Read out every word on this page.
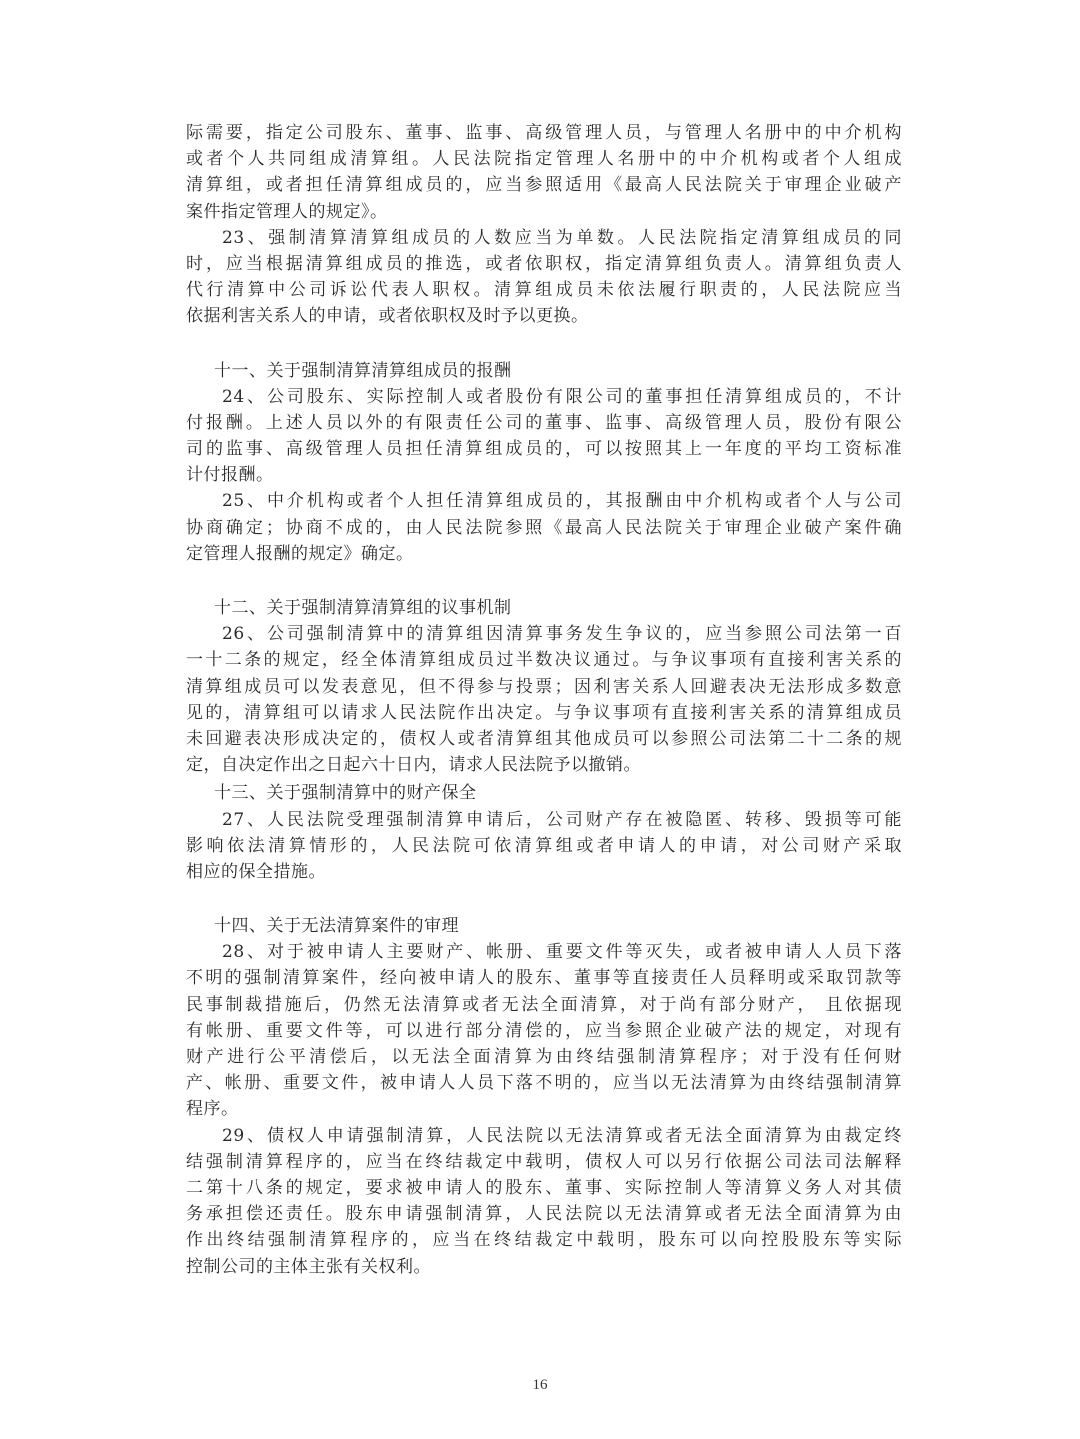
际需要，指定公司股东、董事、监事、高级管理人员，与管理人名册中的中介机构
或者个人共同组成清算组。人民法院指定管理人名册中的中介机构或者个人组成
清算组，或者担任清算组成员的，应当参照适用《最高人民法院关于审理企业破产
案件指定管理人的规定》。
23、强制清算清算组成员的人数应当为单数。人民法院指定清算组成员的同
时，应当根据清算组成员的推选，或者依职权，指定清算组负责人。清算组负责人
代行清算中公司诉讼代表人职权。清算组成员未依法履行职责的，人民法院应当
依据利害关系人的申请，或者依职权及时予以更换。
十一、关于强制清算清算组成员的报酬
24、公司股东、实际控制人或者股份有限公司的董事担任清算组成员的，不计
付报酬。上述人员以外的有限责任公司的董事、监事、高级管理人员，股份有限公
司的监事、高级管理人员担任清算组成员的，可以按照其上一年度的平均工资标准
计付报酬。
25、中介机构或者个人担任清算组成员的，其报酬由中介机构或者个人与公司
协商确定；协商不成的，由人民法院参照《最高人民法院关于审理企业破产案件确
定管理人报酬的规定》确定。
十二、关于强制清算清算组的议事机制
26、公司强制清算中的清算组因清算事务发生争议的，应当参照公司法第一百
一十二条的规定，经全体清算组成员过半数决议通过。与争议事项有直接利害关系的
清算组成员可以发表意见，但不得参与投票；因利害关系人回避表决无法形成多数意
见的，清算组可以请求人民法院作出决定。与争议事项有直接利害关系的清算组成员
未回避表决形成决定的，债权人或者清算组其他成员可以参照公司法第二十二条的规
定，自决定作出之日起六十日内，请求人民法院予以撤销。
十三、关于强制清算中的财产保全
27、人民法院受理强制清算申请后，公司财产存在被隐匿、转移、毁损等可能
影响依法清算情形的，人民法院可依清算组或者申请人的申请，对公司财产采取
相应的保全措施。
十四、关于无法清算案件的审理
28、对于被申请人主要财产、帐册、重要文件等灭失，或者被申请人人员下落
不明的强制清算案件，经向被申请人的股东、董事等直接责任人员释明或采取罚款等
民事制裁措施后，仍然无法清算或者无法全面清算，对于尚有部分财产， 且依据现
有帐册、重要文件等，可以进行部分清偿的，应当参照企业破产法的规定，对现有
财产进行公平清偿后，以无法全面清算为由终结强制清算程序；对于没有任何财
产、帐册、重要文件，被申请人人员下落不明的，应当以无法清算为由终结强制清算
程序。
29、债权人申请强制清算，人民法院以无法清算或者无法全面清算为由裁定终
结强制清算程序的，应当在终结裁定中载明，债权人可以另行依据公司法司法解释
二第十八条的规定，要求被申请人的股东、董事、实际控制人等清算义务人对其债
务承担偿还责任。股东申请强制清算，人民法院以无法清算或者无法全面清算为由
作出终结强制清算程序的，应当在终结裁定中载明，股东可以向控股股东等实际
控制公司的主体主张有关权利。
16
